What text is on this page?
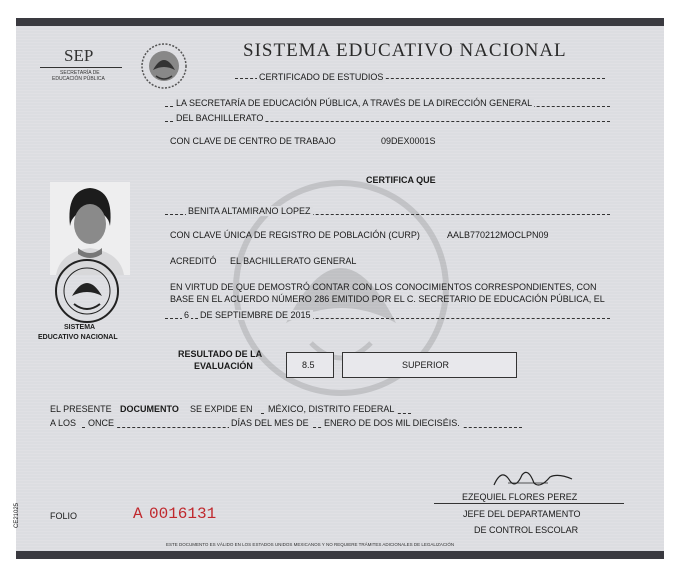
SEP
SECRETARÍA DE
EDUCACIÓN PÚBLICA
SISTEMA EDUCATIVO NACIONAL
CERTIFICADO DE ESTUDIOS
LA SECRETARÍA DE EDUCACIÓN PÚBLICA, A TRAVÉS DE LA DIRECCIÓN GENERAL
DEL BACHILLERATO
CON CLAVE DE CENTRO DE TRABAJO	09DEX0001S
CERTIFICA QUE
BENITA ALTAMIRANO LOPEZ
CON CLAVE ÚNICA DE REGISTRO DE POBLACIÓN (CURP)	AALB770212MOCLPN09
ACREDITÓ EL BACHILLERATO GENERAL
EN VIRTUD DE QUE DEMOSTRÓ CONTAR CON LOS CONOCIMIENTOS CORRESPONDIENTES, CON
BASE EN EL ACUERDO NÚMERO 286 EMITIDO POR EL C. SECRETARIO DE EDUCACIÓN PÚBLICA, EL
6 DE SEPTIEMBRE DE 2015
SISTEMA
EDUCATIVO NACIONAL
RESULTADO DE LA
EVALUACIÓN	8.5	SUPERIOR
EL PRESENTE DOCUMENTO SE EXPIDE EN MÉXICO, DISTRITO FEDERAL
A LOS ONCE	DÍAS DEL MES DE ENERO DE DOS MIL DIECISÉIS.
EZEQUIEL FLORES PEREZ
JEFE DEL DEPARTAMENTO
DE CONTROL ESCOLAR
FOLIO	A 0016131
CE21025
ESTE DOCUMENTO ES VÁLIDO EN LOS ESTADOS UNIDOS MEXICANOS Y NO REQUIERE TRÁMITES ADICIONALES DE LEGALIZACIÓN
